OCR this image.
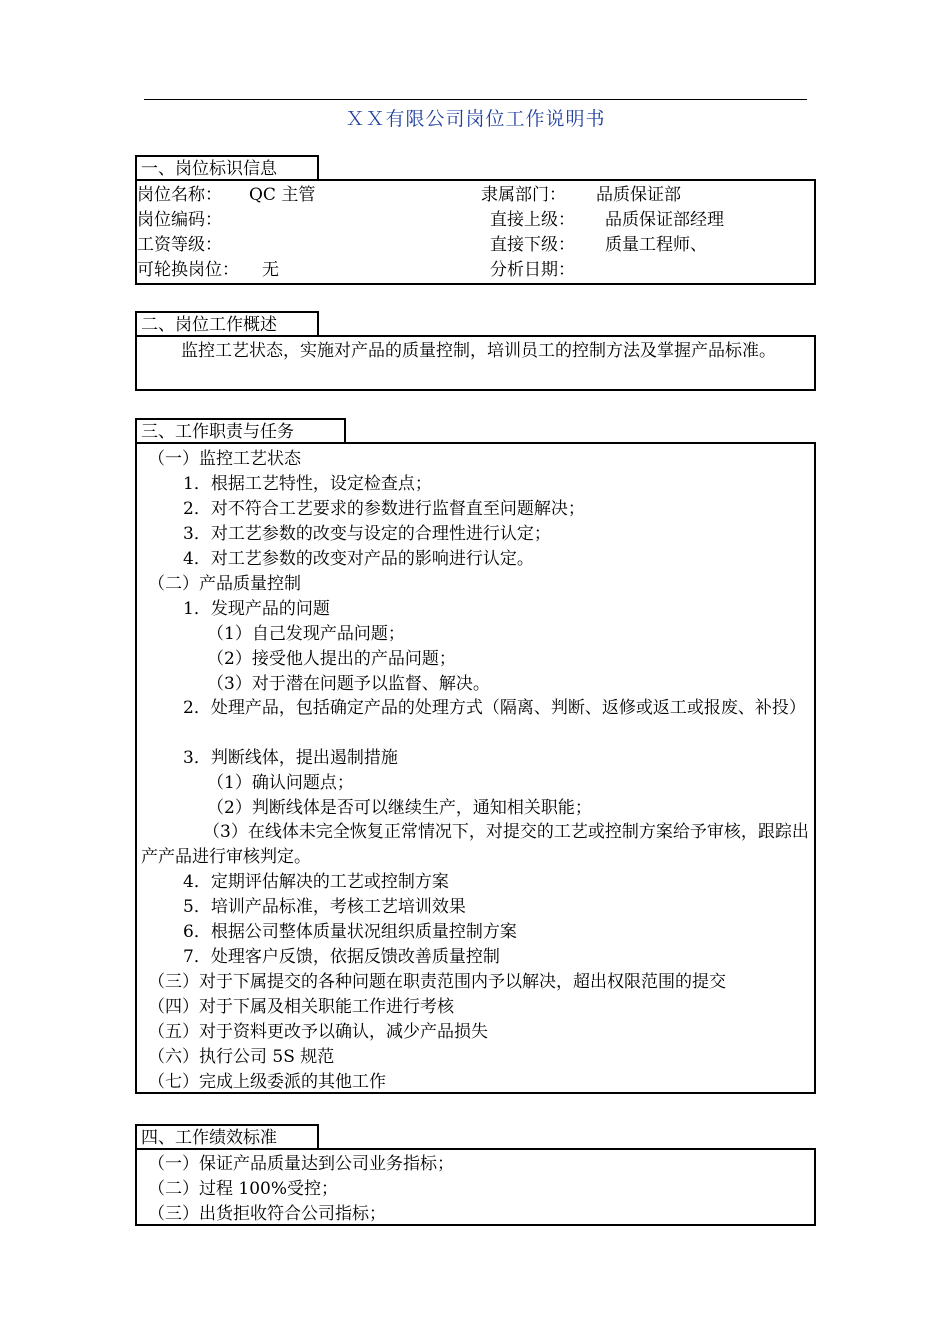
ＸＸ有限公司岗位工作说明书
一、岗位标识信息
岗位名称： QC 主管	隶属部门： 品质保证部
岗位编码：	直接上级： 品质保证部经理
工资等级：	直接下级： 质量工程师、
可轮换岗位： 无	分析日期：
二、岗位工作概述
监控工艺状态，实施对产品的质量控制，培训员工的控制方法及掌握产品标准。
三、工作职责与任务
（一）监控工艺状态
1．根据工艺特性，设定检查点；
2．对不符合工艺要求的参数进行监督直至问题解决；
3．对工艺参数的改变与设定的合理性进行认定；
4．对工艺参数的改变对产品的影响进行认定。
（二）产品质量控制
1．发现产品的问题
（1）自己发现产品问题；
（2）接受他人提出的产品问题；
（3）对于潜在问题予以监督、解决。
2．处理产品，包括确定产品的处理方式（隔离、判断、返修或返工或报废、补投）
3．判断线体，提出遏制措施
（1）确认问题点；
（2）判断线体是否可以继续生产，通知相关职能；
（3）在线体未完全恢复正常情况下，对提交的工艺或控制方案给予审核，跟踪出产产品进行审核判定。
4．定期评估解决的工艺或控制方案
5．培训产品标准，考核工艺培训效果
6．根据公司整体质量状况组织质量控制方案
7．处理客户反馈，依据反馈改善质量控制
（三）对于下属提交的各种问题在职责范围内予以解决，超出权限范围的提交
（四）对于下属及相关职能工作进行考核
（五）对于资料更改予以确认，减少产品损失
（六）执行公司 5S 规范
（七）完成上级委派的其他工作
四、工作绩效标准
（一）保证产品质量达到公司业务指标；
（二）过程 100%受控；
（三）出货拒收符合公司指标；
